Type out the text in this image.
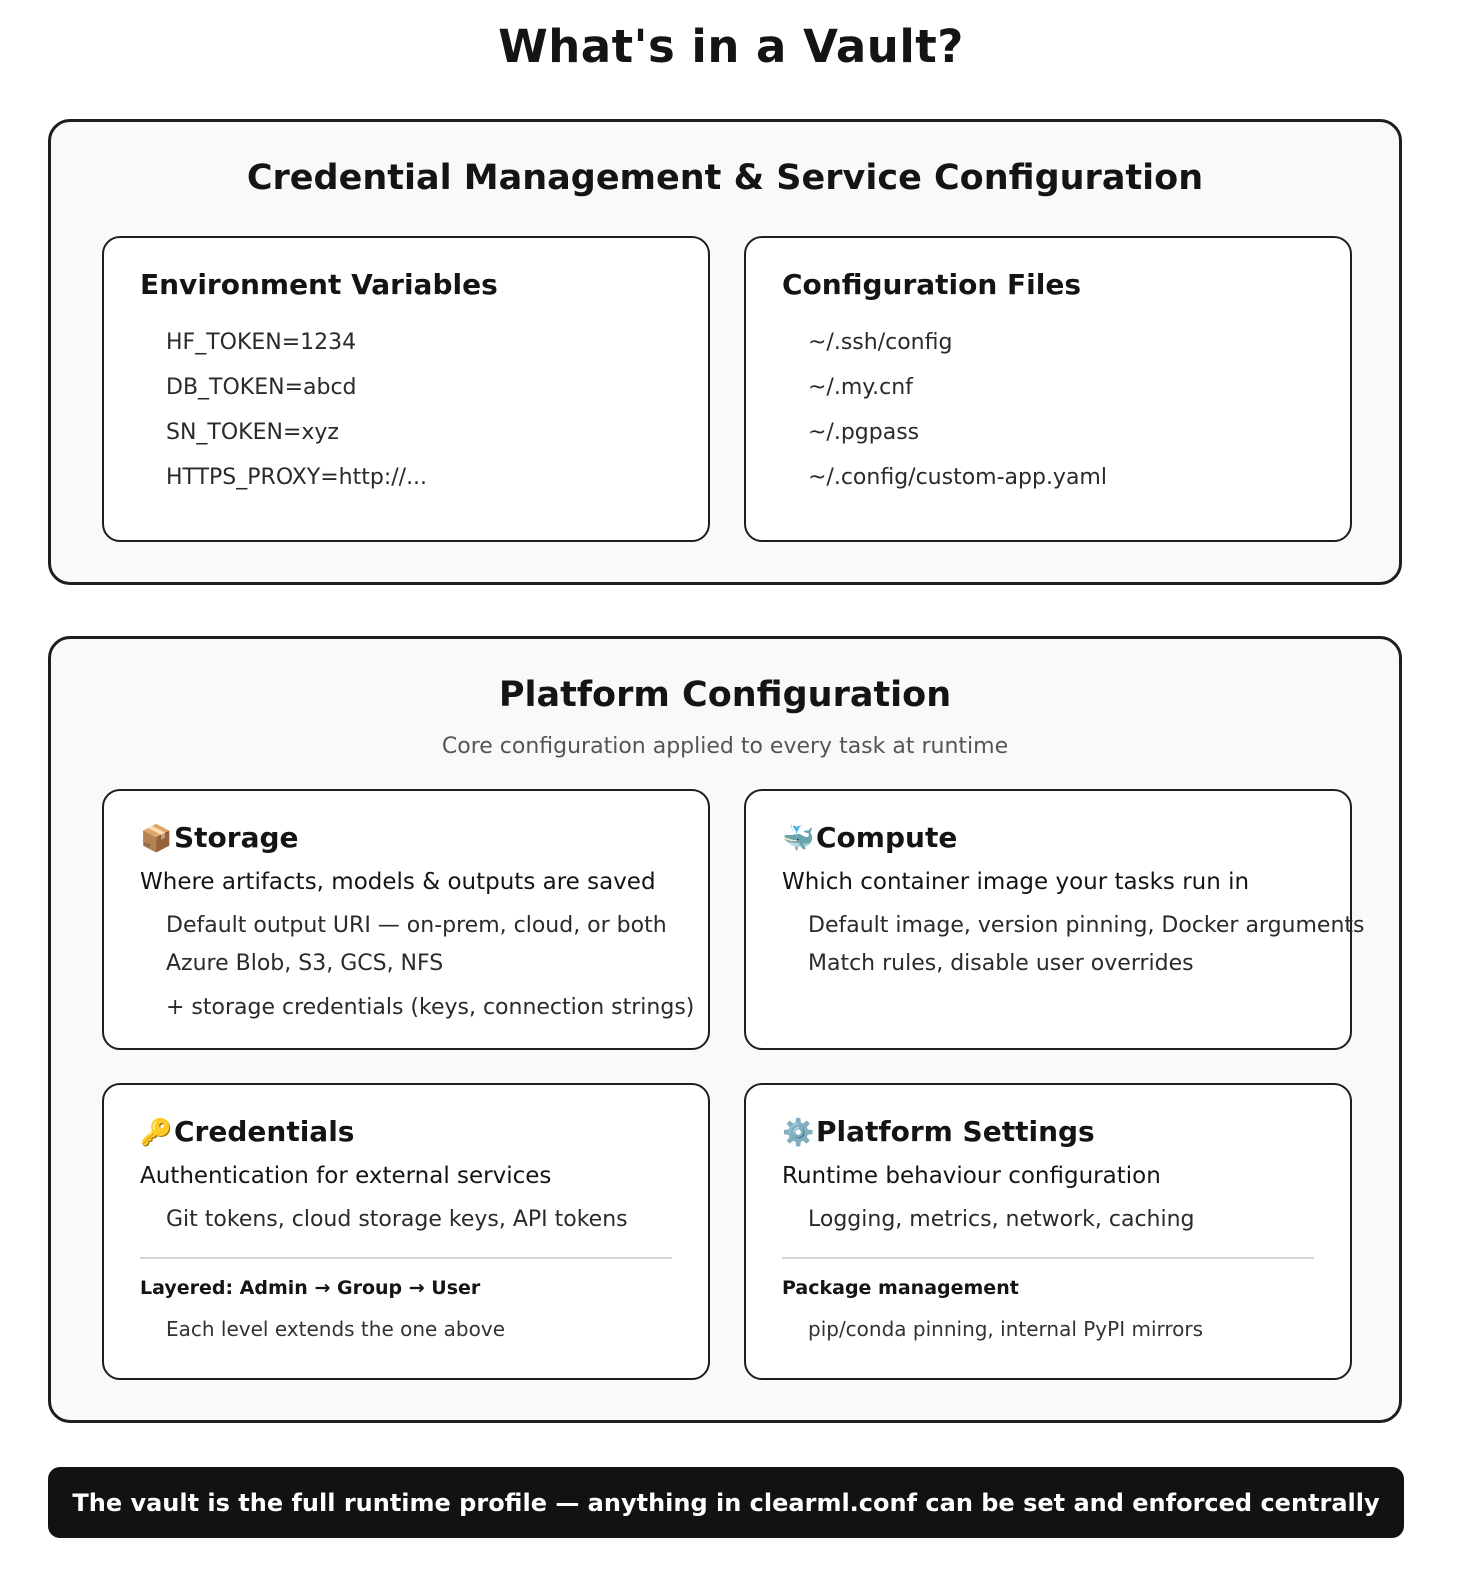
What's in a Vault?
Credential Management & Service Configuration
Environment Variables
HF_TOKEN=1234
DB_TOKEN=abcd
SN_TOKEN=xyz
HTTPS_PROXY=http://...
Configuration Files
~/.ssh/config
~/.my.cnf
~/.pgpass
~/.config/custom-app.yaml
Platform Configuration
Core configuration applied to every task at runtime
📦Storage
Where artifacts, models & outputs are saved
Default output URI — on-prem, cloud, or both
Azure Blob, S3, GCS, NFS
+ storage credentials (keys, connection strings)
🐳Compute
Which container image your tasks run in
Default image, version pinning, Docker arguments
Match rules, disable user overrides
🔑Credentials
Authentication for external services
Git tokens, cloud storage keys, API tokens
Layered: Admin → Group → User
Each level extends the one above
⚙️Platform Settings
Runtime behaviour configuration
Logging, metrics, network, caching
Package management
pip/conda pinning, internal PyPI mirrors
The vault is the full runtime profile — anything in clearml.conf can be set and enforced centrally
